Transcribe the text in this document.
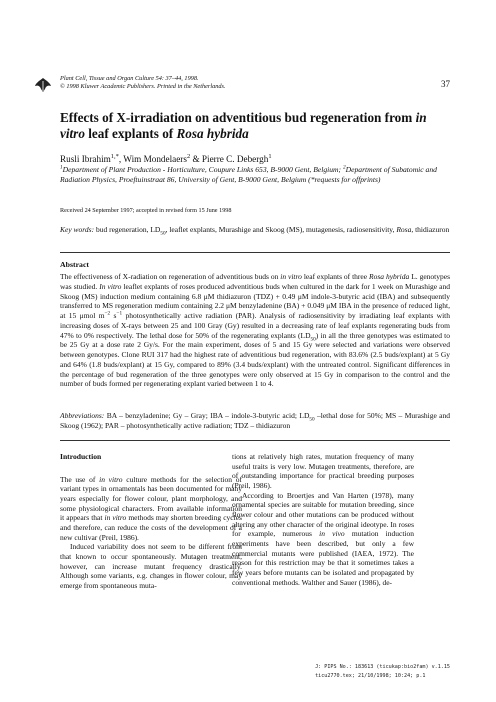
Plant Cell, Tissue and Organ Culture 54: 37–44, 1998.
© 1998 Kluwer Academic Publishers. Printed in the Netherlands.	37
Effects of X-irradiation on adventitious bud regeneration from in vitro leaf explants of Rosa hybrida
Rusli Ibrahim$^{1,*}$, Wim Mondelaers$^2$ & Pierre C. Debergh$^1$
$^1$Department of Plant Production - Horticulture, Coupure Links 653, B-9000 Gent, Belgium; $^2$Department of Subatomic and Radiation Physics, Proeftuinstraat 86, University of Gent, B-9000 Gent, Belgium (*requests for offprints)
Received 24 September 1997; accepted in revised form 15 June 1998
Key words: bud regeneration, $LD_{50}$, leaflet explants, Murashige and Skoog (MS), mutagenesis, radiosensitivity, Rosa, thidiazuron
Abstract
The effectiveness of X-radiation on regeneration of adventitious buds on in vitro leaf explants of three Rosa hybrida L. genotypes was studied. In vitro leaflet explants of roses produced adventitious buds when cultured in the dark for 1 week on Murashige and Skoog (MS) induction medium containing 6.8 μM thidiazuron (TDZ) + 0.49 μM indole-3-butyric acid (IBA) and subsequently transferred to MS regeneration medium containing 2.2 μM benzyladenine (BA) + 0.049 μM IBA in the presence of reduced light, at 15 μmol $m^{-2}$ $s^{-1}$ photosynthetically active radiation (PAR). Analysis of radiosensitivity by irradiating leaf explants with increasing doses of X-rays between 25 and 100 Gray (Gy) resulted in a decreasing rate of leaf explants regenerating buds from 47% to 0% respectively. The lethal dose for 50% of the regenerating explants $(LD_{50})$ in all the three genotypes was estimated to be 25 Gy at a dose rate 2 Gy/s. For the main experiment, doses of 5 and 15 Gy were selected and variations were observed between genotypes. Clone RUI 317 had the highest rate of adventitious bud regeneration, with 83.6% (2.5 buds/explant) at 5 Gy and 64% (1.8 buds/explant) at 15 Gy, compared to 89% (3.4 buds/explant) with the untreated control. Significant differences in the percentage of bud regeneration of the three genotypes were only observed at 15 Gy in comparison to the control and the number of buds formed per regenerating explant varied between 1 to 4.
Abbreviations: BA – benzyladenine; Gy – Gray; IBA – indole-3-butyric acid; $LD_{50}$ –lethal dose for 50%; MS – Murashige and Skoog (1962); PAR – photosynthetically active radiation; TDZ – thidiazuron

Introduction

The use of in vitro culture methods for the selection of variant types in ornamentals has been documented for many years especially for flower colour, plant morphology, and some physiological characters. From available information it appears that in vitro methods may shorten breeding cycles and therefore, can reduce the costs of the development of a new cultivar (Preil, 1986).

Induced variability does not seem to be different from that known to occur spontaneously. Mutagen treatment, however, can increase mutant frequency drastically. Although some variants, e.g. changes in flower colour, may emerge from spontaneous muta-

tions at relatively high rates, mutation frequency of many useful traits is very low. Mutagen treatments, therefore, are of outstanding importance for practical breeding purposes (Preil, 1986).

According to Broertjes and Van Harten (1978), many ornamental species are suitable for mutation breeding, since flower colour and other mutations can be produced without altering any other character of the original ideotype. In roses for example, numerous in vivo mutation induction experiments have been described, but only a few commercial mutants were published (IAEA, 1972). The reason for this restriction may be that it sometimes takes a few years before mutants can be isolated and propagated by conventional methods. Walther and Sauer (1986), de-

J: PIPS No.: 183613 (ticukap:bio2fam) v.1.15
ticu2770.tex; 21/10/1998; 10:24; p.1
